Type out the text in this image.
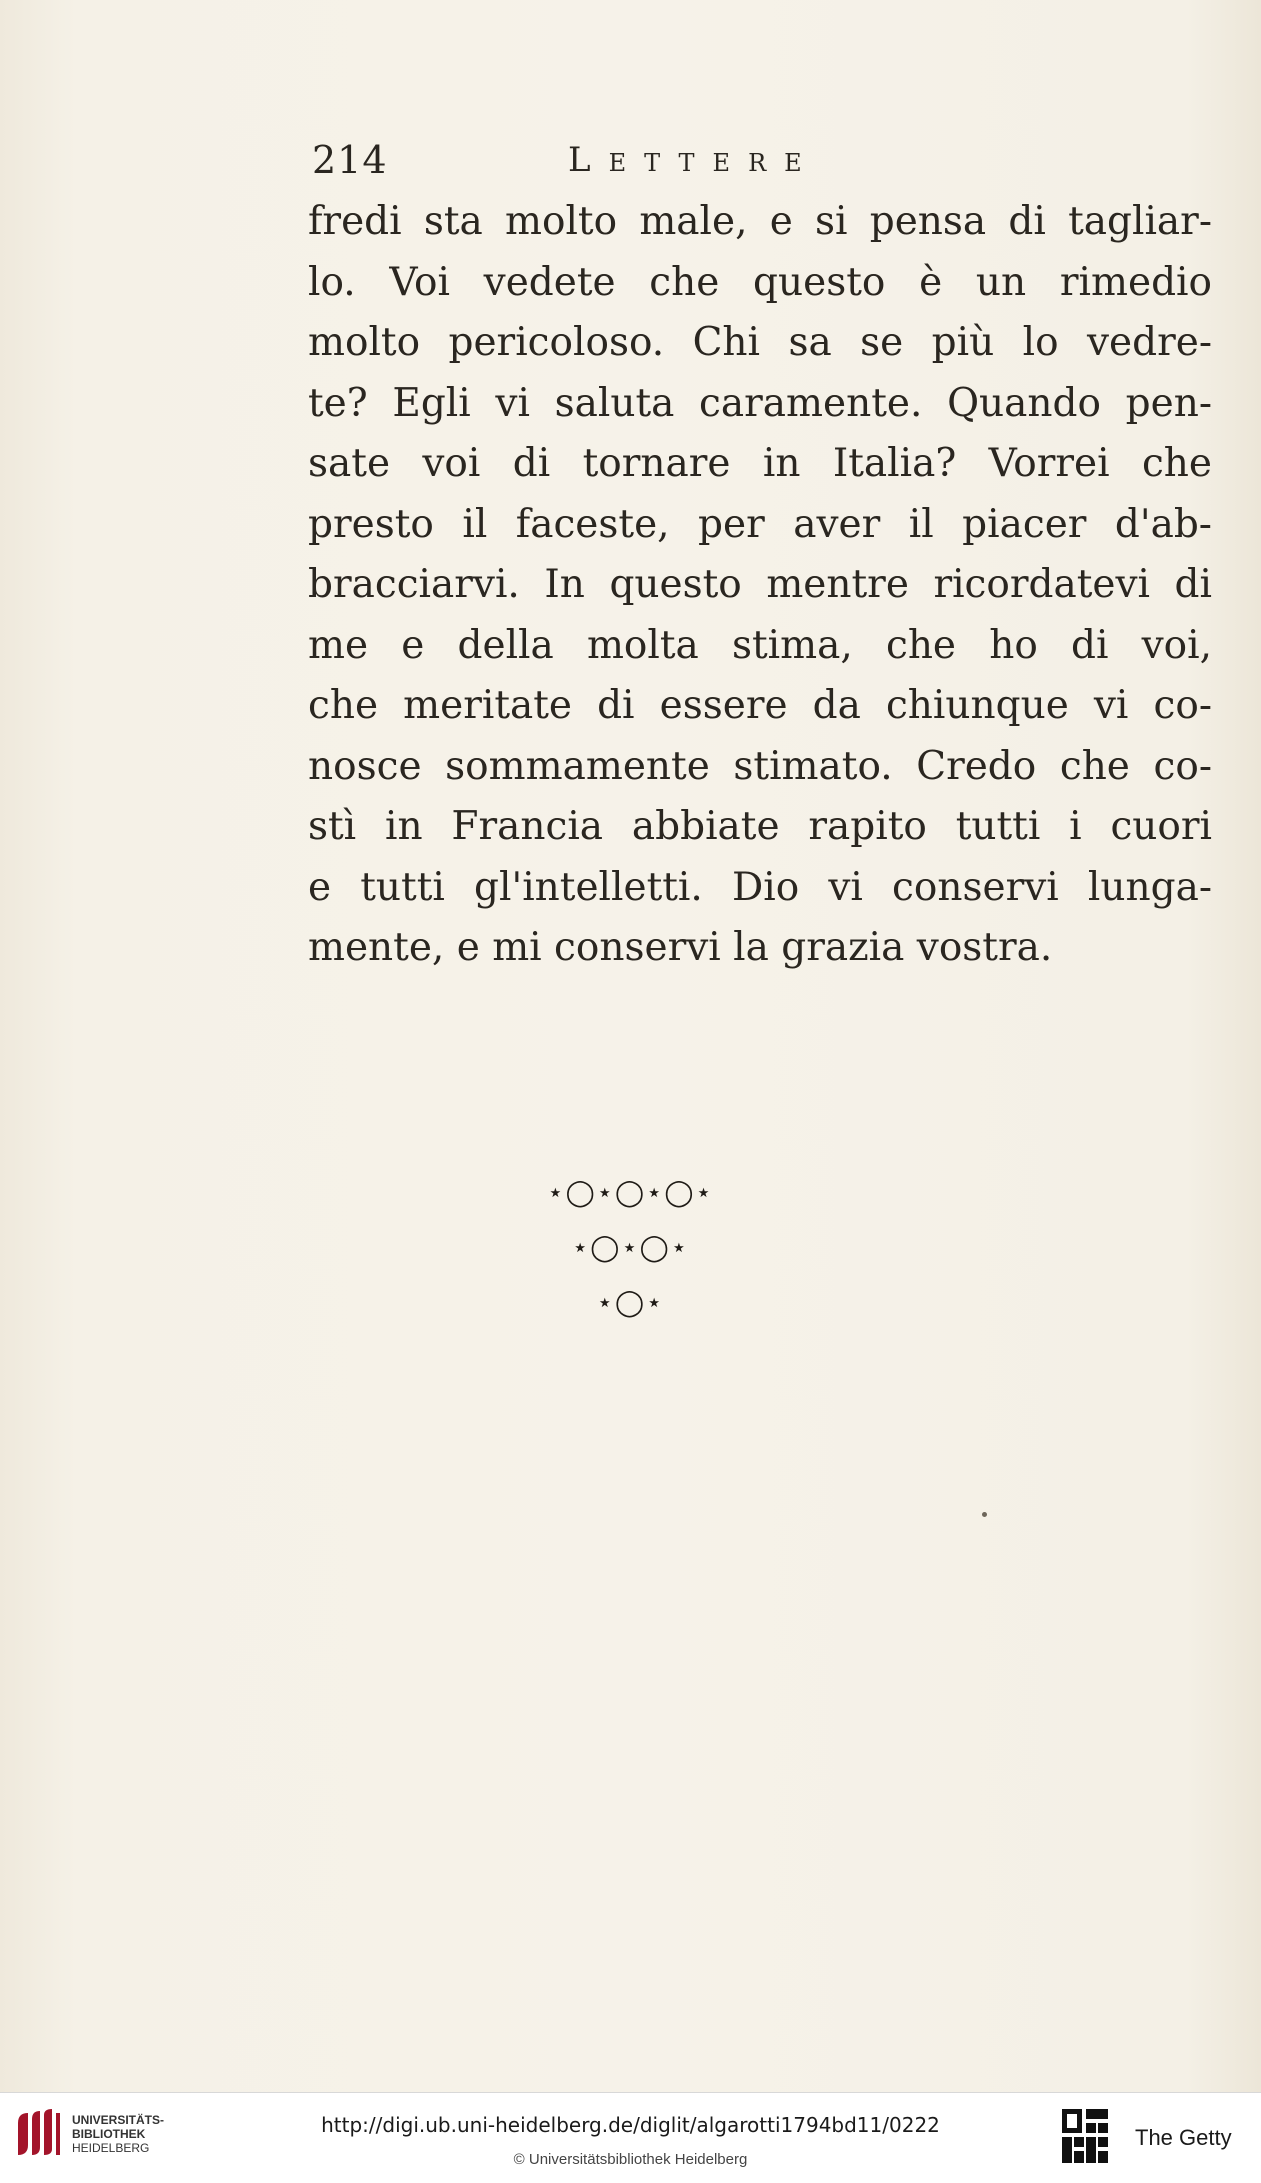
214	Lettere
fredi sta molto male, e si pensa di tagliar-
lo. Voi vedete che questo è un rimedio
molto pericoloso. Chi sa se più lo vedre-
te? Egli vi saluta caramente. Quando pen-
sate voi di tornare in Italia? Vorrei che
presto il faceste, per aver il piacer d'ab-
bracciarvi. In questo mentre ricordatevi di
me e della molta stima, che ho di voi,
che meritate di essere da chiunque vi co-
nosce sommamente stimato. Credo che co-
stì in Francia abbiate rapito tutti i cuori
e tutti gl'intelletti. Dio vi conservi lunga-
mente, e mi conservi la grazia vostra.
⋆◯⋆◯⋆◯⋆
⋆◯⋆◯⋆
⋆◯⋆
UNIVERSITÄTS-
BIBLIOTHEK
HEIDELBERG
http://digi.ub.uni-heidelberg.de/diglit/algarotti1794bd11/0222
© Universitätsbibliothek Heidelberg
The Getty
